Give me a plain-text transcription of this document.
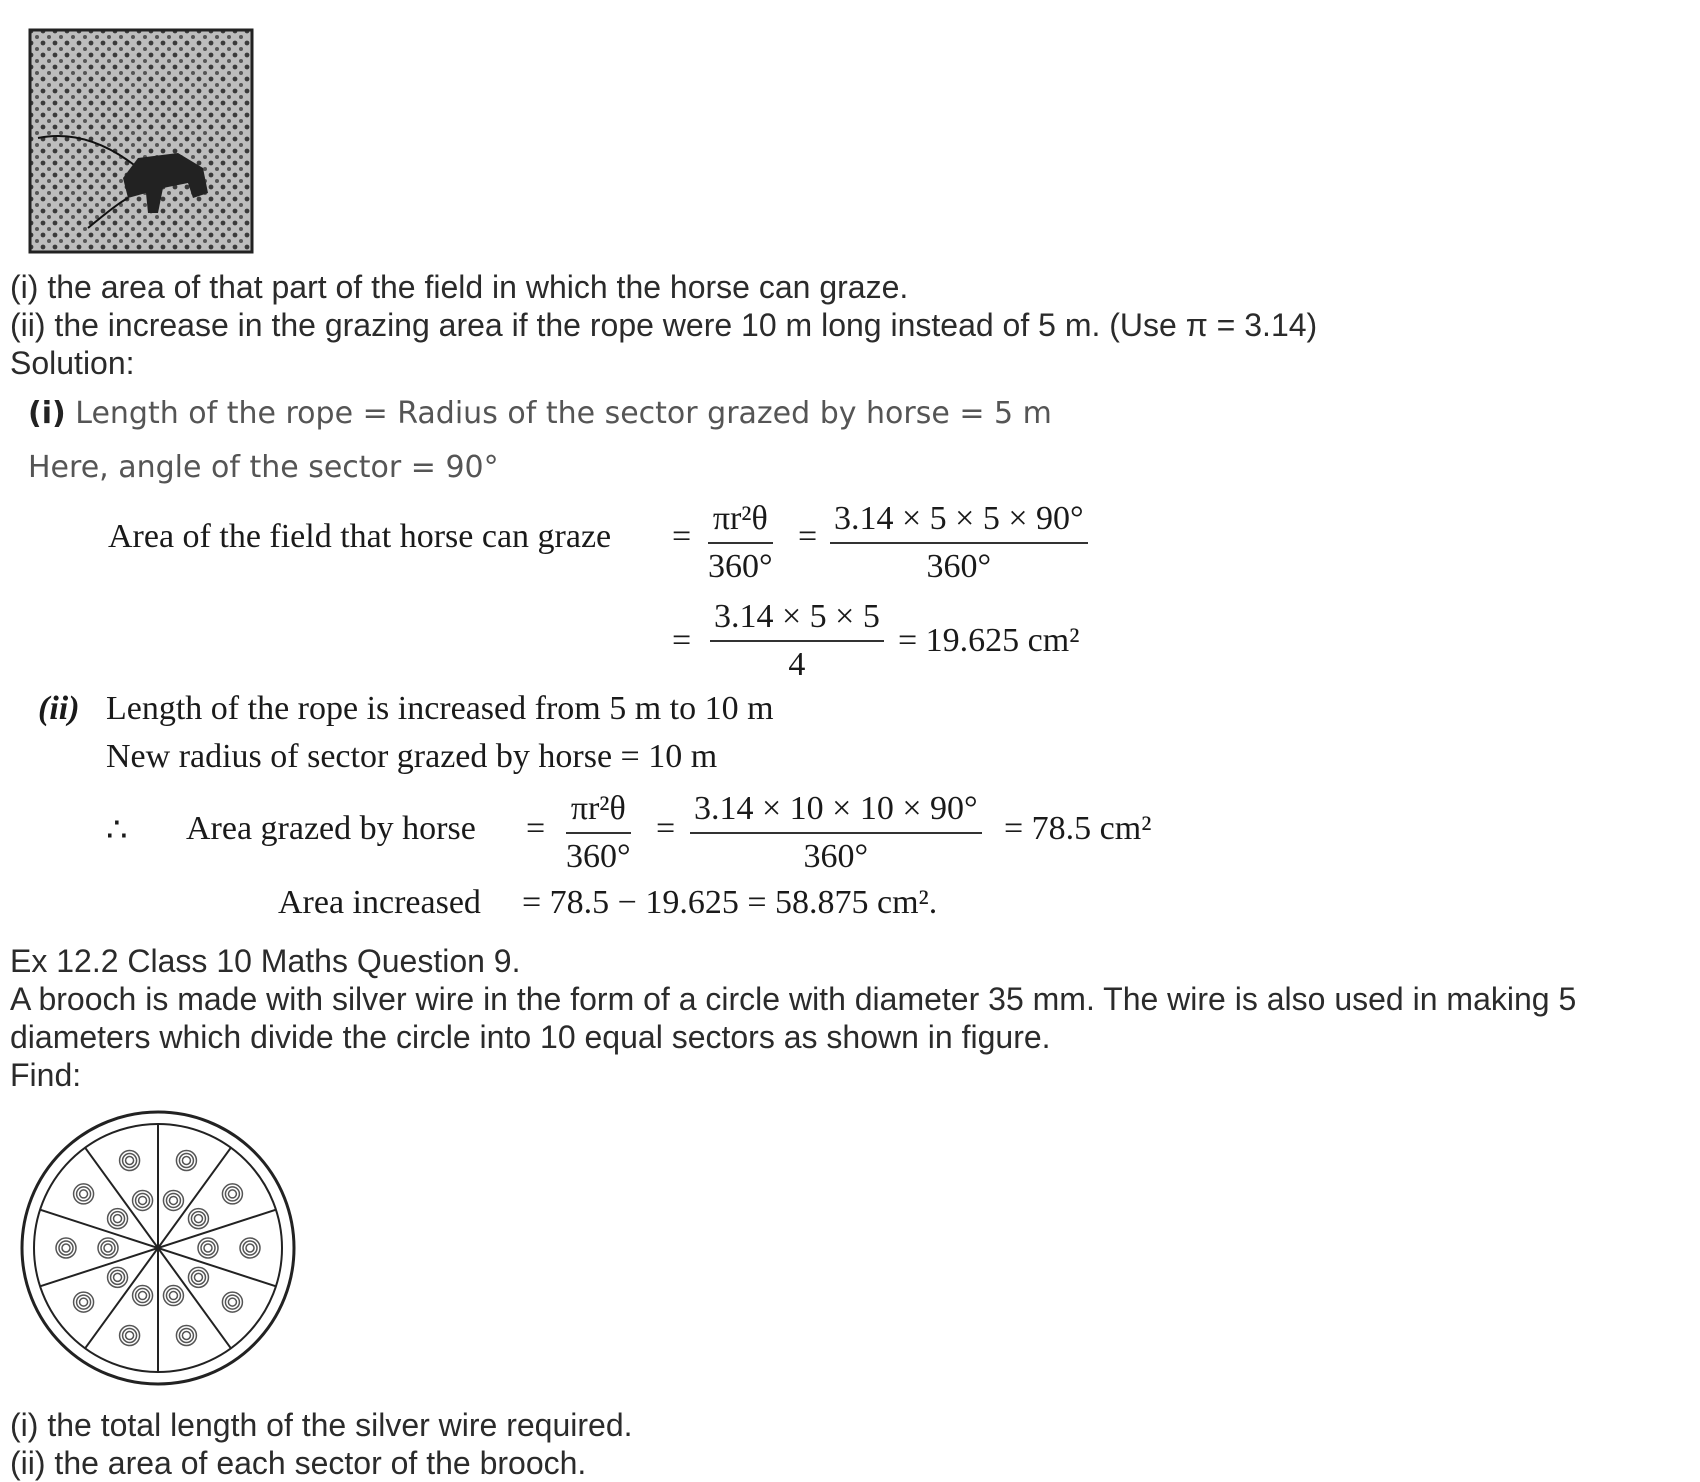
(i) the area of that part of the field in which the horse can graze.
(ii) the increase in the grazing area if the rope were 10 m long instead of 5 m. (Use π = 3.14)
Solution:
(i) Length of the rope = Radius of the sector grazed by horse = 5 m
Here, angle of the sector = 90°
Area of the field that horse can graze = πr²θ
360°
= 3.14 × 5 × 5 × 90°
360°
=
3.14 × 5 × 5
4
= 19.625 cm²
(ii) Length of the rope is increased from 5 m to 10 m
New radius of sector grazed by horse = 10 m
∴ Area grazed by horse =
πr²θ
360°
=
3.14 × 10 × 10 × 90°
360°
= 78.5 cm²
Area increased = 78.5 − 19.625 = 58.875 cm².
Ex 12.2 Class 10 Maths Question 9.
A brooch is made with silver wire in the form of a circle with diameter 35 mm. The wire is also used in making 5
diameters which divide the circle into 10 equal sectors as shown in figure.
Find:
(i) the total length of the silver wire required.
(ii) the area of each sector of the brooch.
